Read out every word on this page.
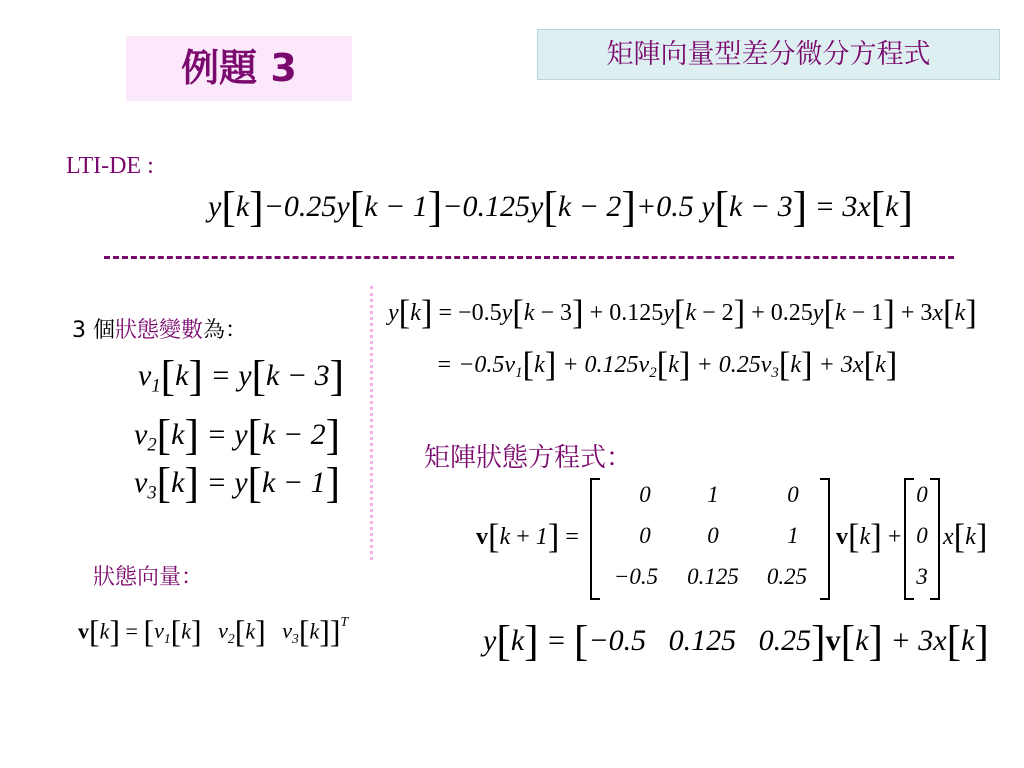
例題 3	矩陣向量型差分微分方程式
LTI-DE :
y[k]−0.25y[k − 1]−0.125y[k − 2]+0.5 y[k − 3] = 3x[k]
3 個狀態變數為：
$v_1[k] = y[k - 3]$
$v_2[k] = y[k - 2]$
$v_3[k] = y[k - 1]$
狀態向量：
$v[k] = [v_1[k]$ $v_2[k]$ $v_3[k]]^T$
y[k] = −0.5y[k − 3] + 0.125y[k − 2] + 0.25y[k − 1] + 3x[k]
= $-0.5v_1[k] + 0.125v_2[k] + 0.25v_3[k] + 3x[k]$
矩陣狀態方程式：
v[k + 1] =
0	1	0
0	0	1
−0.5	0.125	0.25
v[k] +
0
0
3
x[k]
y[k] = [−0.5 0.125 0.25]v[k] + 3x[k]
